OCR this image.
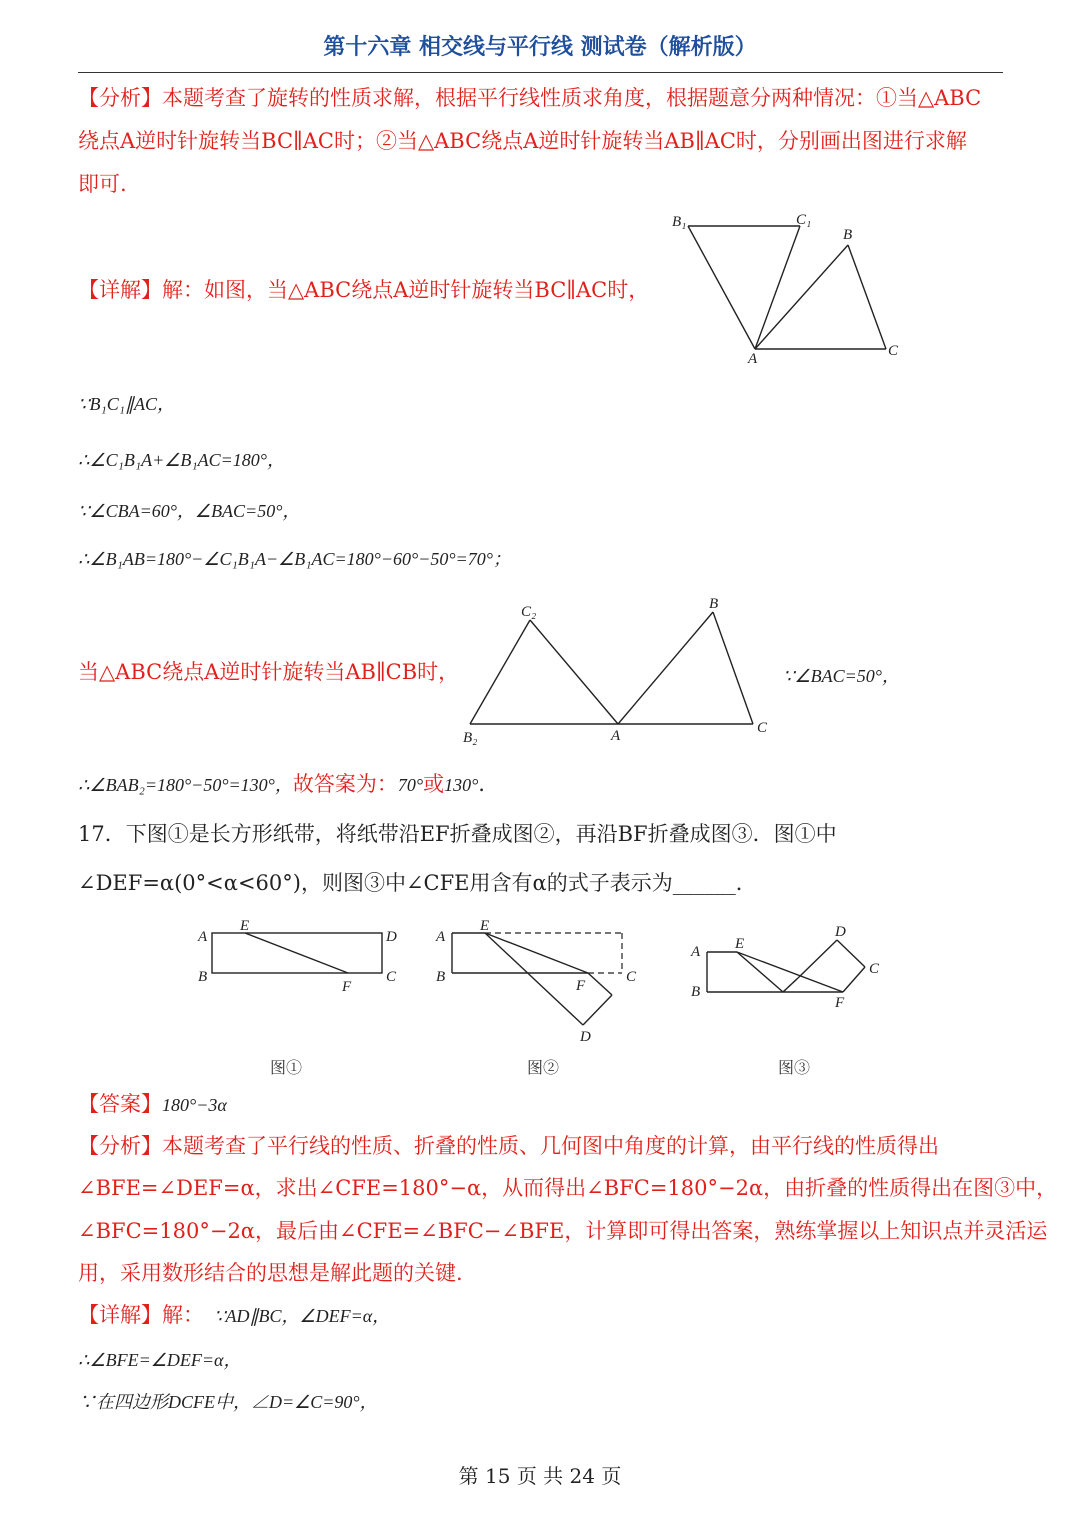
第十六章 相交线与平行线 测试卷（解析版）
【分析】本题考查了旋转的性质求解，根据平行线性质求角度，根据题意分两种情况：①当△ABC
绕点A逆时针旋转当BC∥AC时；②当△ABC绕点A逆时针旋转当AB∥AC时，分别画出图进行求解
即可.
【详解】解：如图，当△ABC绕点A逆时针旋转当BC∥AC时，
B₁	C₁
B
A	C
∵B₁C₁∥AC，
∴∠C₁B₁A+∠B₁AC=180°，
∵∠CBA=60°，∠BAC=50°，
∴∠B₁AB=180°−∠C₁B₁A−∠B₁AC=180°−60°−50°=70°；
当△ABC绕点A逆时针旋转当AB∥CB时，
C₂	B
B₂	A	C
∵∠BAC=50°，
∴∠BAB₂=180°−50°=130°，故答案为：70°或130°.
17．下图①是长方形纸带，将纸带沿EF折叠成图②，再沿BF折叠成图③．图①中
∠DEF=α(0°<α<60°)，则图③中∠CFE用含有α的式子表示为______．
A
E
D
B
F
C
图①
A
E
B
F
C
D
图②
A E
D
C
B
F
图③
【答案】180°−3α
【分析】本题考查了平行线的性质、折叠的性质、几何图中角度的计算，由平行线的性质得出
∠BFE=∠DEF=α，求出∠CFE=180°−α，从而得出∠BFC=180°−2α，由折叠的性质得出在图③中，
∠BFC=180°−2α，最后由∠CFE=∠BFC−∠BFE，计算即可得出答案，熟练掌握以上知识点并灵活运
用，采用数形结合的思想是解此题的关键.
【详解】解： ∵AD∥BC，∠DEF=α，
∴∠BFE=∠DEF=α，
∵在四边形DCFE中，∠D=∠C=90°，
第 15 页 共 24 页
